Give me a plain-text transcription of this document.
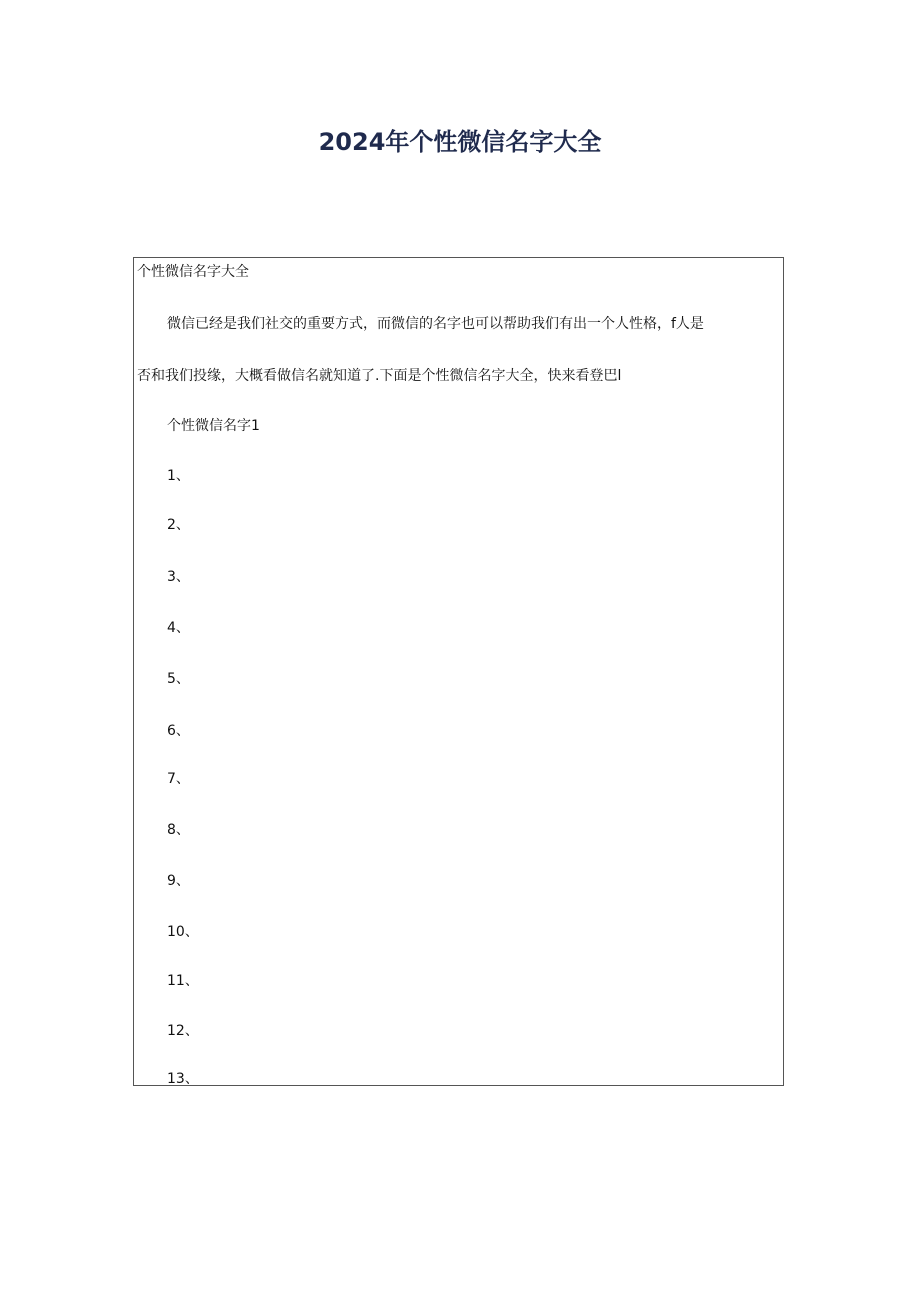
2024年个性微信名字大全
个性微信名字大全
微信已经是我们社交的重要方式，而微信的名字也可以帮助我们有出一个人性格，f人是
否和我们投缘，大概看做信名就知道了.下面是个性微信名字大全，快来看登巴l
个性微信名字1
1、
2、
3、
4、
5、
6、
7、
8、
9、
10、
11、
12、
13、
